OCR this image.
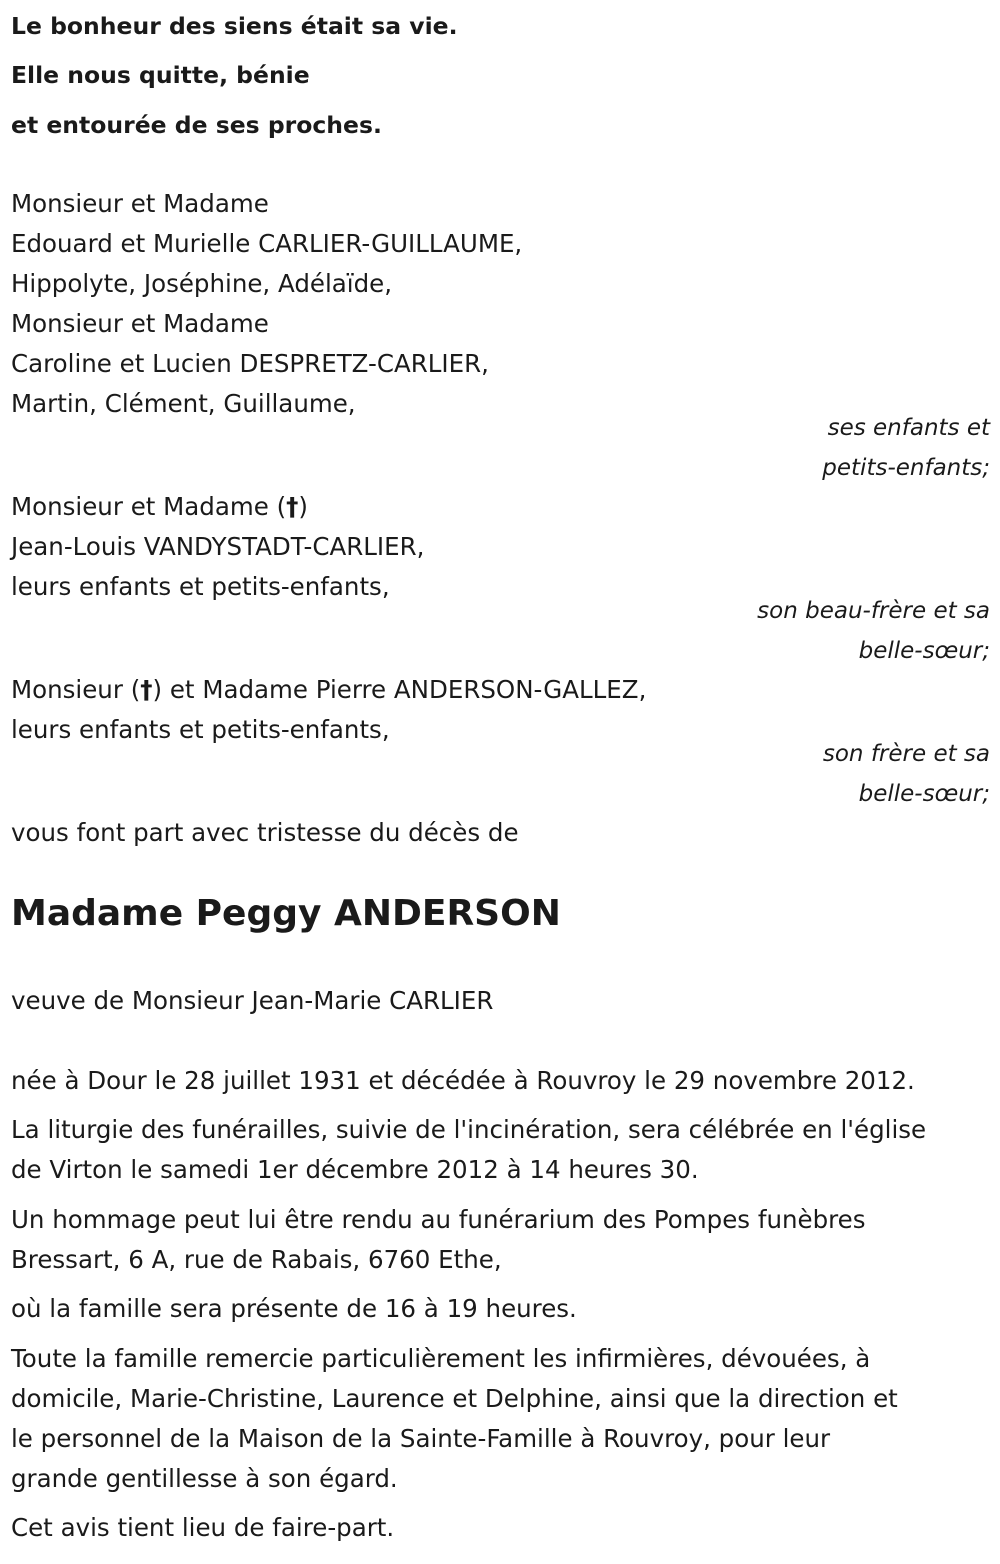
Le bonheur des siens était sa vie.
Elle nous quitte, bénie
et entourée de ses proches.
Monsieur et Madame
Edouard et Murielle CARLIER-GUILLAUME,
Hippolyte, Joséphine, Adélaïde,
Monsieur et Madame
Caroline et Lucien DESPRETZ-CARLIER,
Martin, Clément, Guillaume,
ses enfants et
petits-enfants;
Monsieur et Madame (†)
Jean-Louis VANDYSTADT-CARLIER,
leurs enfants et petits-enfants,
son beau-frère et sa
belle-sœur;
Monsieur (†) et Madame Pierre ANDERSON-GALLEZ,
leurs enfants et petits-enfants,
son frère et sa
belle-sœur;
vous font part avec tristesse du décès de
Madame Peggy ANDERSON
veuve de Monsieur Jean-Marie CARLIER
née à Dour le 28 juillet 1931 et décédée à Rouvroy le 29 novembre 2012.
La liturgie des funérailles, suivie de l'incinération, sera célébrée en l'église
de Virton le samedi 1er décembre 2012 à 14 heures 30.
Un hommage peut lui être rendu au funérarium des Pompes funèbres
Bressart, 6 A, rue de Rabais, 6760 Ethe,
où la famille sera présente de 16 à 19 heures.
Toute la famille remercie particulièrement les infirmières, dévouées, à
domicile, Marie-Christine, Laurence et Delphine, ainsi que la direction et
le personnel de la Maison de la Sainte-Famille à Rouvroy, pour leur
grande gentillesse à son égard.
Cet avis tient lieu de faire-part.
